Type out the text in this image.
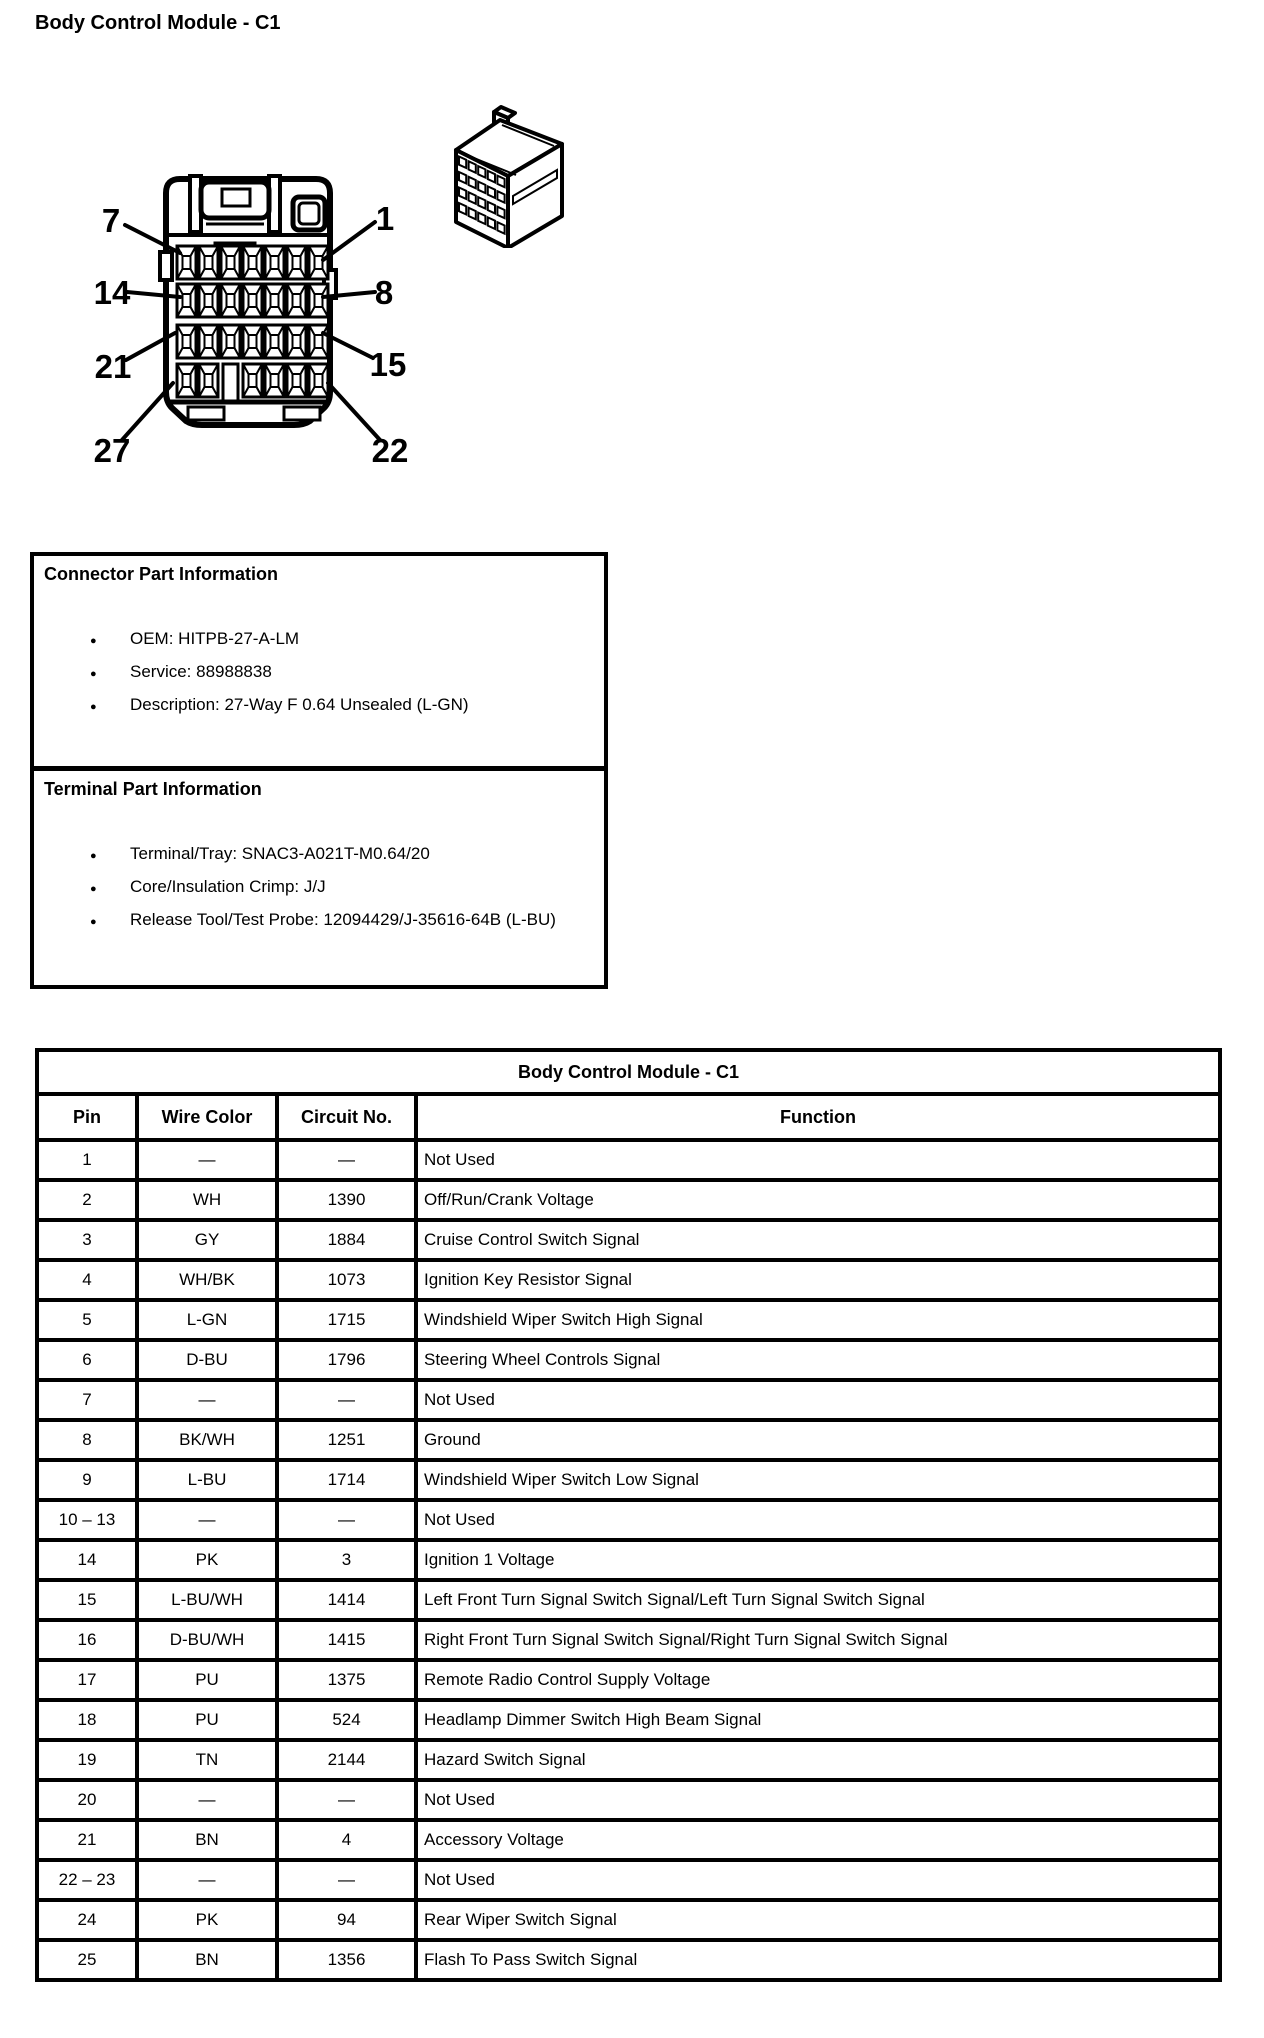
Body Control Module - C1
7	1
14	8
21	15
27	22
Connector Part Information
● OEM: HITPB-27-A-LM
● Service: 88988838
● Description: 27-Way F 0.64 Unsealed (L-GN)
Terminal Part Information
● Terminal/Tray: SNAC3-A021T-M0.64/20
● Core/Insulation Crimp: J/J
● Release Tool/Test Probe: 12094429/J-35616-64B (L-BU)
Body Control Module - C1			
Pin	Wire Color	Circuit No.	Function
1	—	—	Not Used
2	WH	1390	Off/Run/Crank Voltage
3	GY	1884	Cruise Control Switch Signal
4	WH/BK	1073	Ignition Key Resistor Signal
5	L-GN	1715	Windshield Wiper Switch High Signal
6	D-BU	1796	Steering Wheel Controls Signal
7	—	—	Not Used
8	BK/WH	1251	Ground
9	L-BU	1714	Windshield Wiper Switch Low Signal
10 – 13	—	—	Not Used
14	PK	3	Ignition 1 Voltage
15	L-BU/WH	1414	Left Front Turn Signal Switch Signal/Left Turn Signal Switch Signal
16	D-BU/WH	1415	Right Front Turn Signal Switch Signal/Right Turn Signal Switch Signal
17	PU	1375	Remote Radio Control Supply Voltage
18	PU	524	Headlamp Dimmer Switch High Beam Signal
19	TN	2144	Hazard Switch Signal
20	—	—	Not Used
21	BN	4	Accessory Voltage
22 – 23	—	—	Not Used
24	PK	94	Rear Wiper Switch Signal
25	BN	1356	Flash To Pass Switch Signal
